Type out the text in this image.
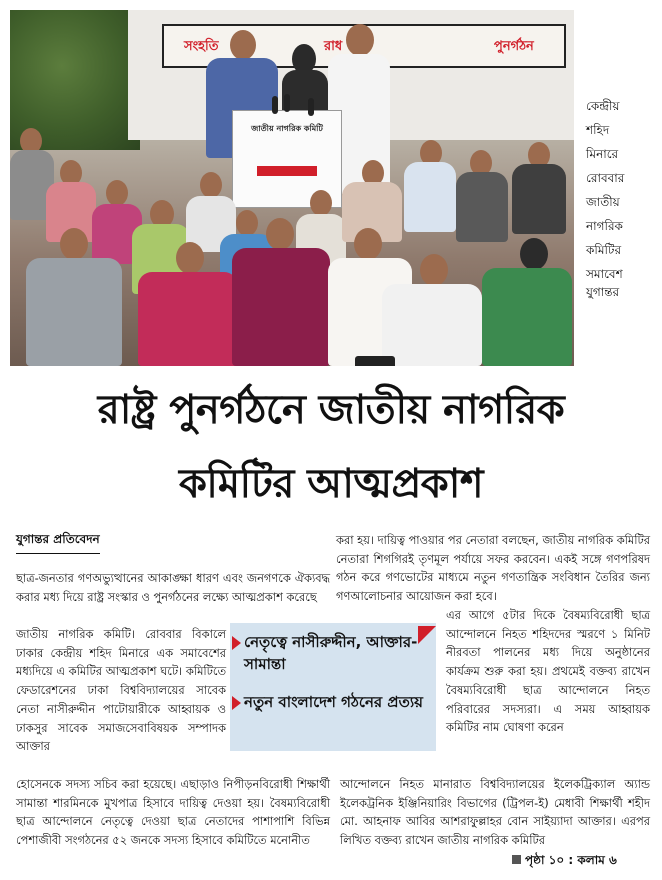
সংহতি	রাধ	পুনর্গঠন
জাতীয় নাগরিক কমিটি
কেন্দ্রীয়
শহিদ
মিনারে
রোববার
জাতীয়
নাগরিক
কমিটির
সমাবেশ
যুগান্তর
রাষ্ট্র পুনর্গঠনে জাতীয় নাগরিক
কমিটির আত্মপ্রকাশ
যুগান্তর প্রতিবেদন
ছাত্র-জনতার গণঅভ্যুত্থানের আকাঙ্ক্ষা ধারণ এবং জনগণকে ঐক্যবদ্ধ করার মধ্য দিয়ে রাষ্ট্র সংস্কার ও পুনর্গঠনের লক্ষ্যে আত্মপ্রকাশ করেছে
জাতীয় নাগরিক কমিটি। রোববার বিকালে ঢাকার কেন্দ্রীয় শহিদ মিনারে এক সমাবেশের মধ্যদিয়ে এ কমিটির আত্মপ্রকাশ ঘটে। কমিটিতে ফেডারেশনের ঢাকা বিশ্ববিদ্যালয়ের সাবেক নেতা নাসীরুদ্দীন পাটোয়ারীকে আহ্বায়ক ও ঢাকসুর সাবেক সমাজসেবাবিষয়ক সম্পাদক আক্তার
হোসেনকে সদস্য সচিব করা হয়েছে। এছাড়াও নিপীড়নবিরোধী শিক্ষার্থী সামান্তা শারমিনকে মুখপাত্র হিসাবে দায়িত্ব দেওয়া হয়। বৈষম্যবিরোধী ছাত্র আন্দোলনে নেতৃত্বে দেওয়া ছাত্র নেতাদের পাশাপাশি বিভিন্ন পেশাজীবী সংগঠনের ৫২ জনকে সদস্য হিসাবে কমিটিতে মনোনীত
করা হয়। দায়িত্ব পাওয়ার পর নেতারা বলছেন, জাতীয় নাগরিক কমিটির নেতারা শিগগিরই তৃণমূল পর্যায়ে সফর করবেন। একই সঙ্গে গণপরিষদ গঠন করে গণভোটের মাধ্যমে নতুন গণতান্ত্রিক সংবিধান তৈরির জন্য গণআলোচনার আয়োজন করা হবে।
এর আগে ৫টার দিকে বৈষম্যবিরোধী ছাত্র আন্দোলনে নিহত শহিদদের স্মরণে ১ মিনিট নীরবতা পালনের মধ্য দিয়ে অনুষ্ঠানের কার্যক্রম শুরু করা হয়। প্রথমেই বক্তব্য রাখেন বৈষম্যবিরোধী ছাত্র আন্দোলনে নিহত পরিবারের সদস্যরা। এ সময় আহ্বায়ক কমিটির নাম ঘোষণা করেন
আন্দোলনে নিহত মানারাত বিশ্ববিদ্যালয়ের ইলেকট্রিক্যাল অ্যান্ড ইলেকট্রনিক ইঞ্জিনিয়ারিং বিভাগের (ট্রিপল-ই) মেধাবী শিক্ষার্থী শহীদ মো. আহনাফ আবির আশরাফুল্লাহর বোন সাইয়্যাদা আক্তার। এরপর লিখিত বক্তব্য রাখেন জাতীয় নাগরিক কমিটির
নেতৃত্বে নাসীরুদ্দীন, আক্তার-সামান্তা
নতুন বাংলাদেশ গঠনের প্রত্যয়
পৃষ্ঠা ১০ : কলাম ৬
